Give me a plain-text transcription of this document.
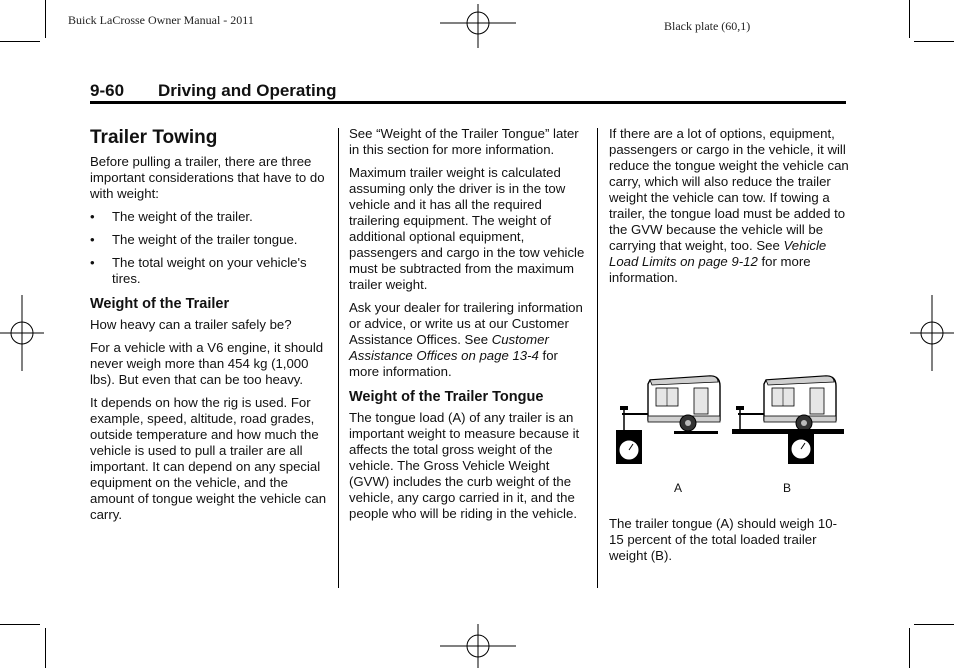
Buick LaCrosse Owner Manual - 2011	Black plate (60,1)
9-60 Driving and Operating
Trailer Towing

Before pulling a trailer, there are three important considerations that have to do with weight:

• The weight of the trailer.
• The weight of the trailer tongue.
• The total weight on your vehicle's tires.
Weight of the Trailer

How heavy can a trailer safely be?

For a vehicle with a V6 engine, it should never weigh more than 454 kg (1,000 lbs). But even that can be too heavy.

It depends on how the rig is used. For example, speed, altitude, road grades, outside temperature and how much the vehicle is used to pull a trailer are all important. It can depend on any special equipment on the vehicle, and the amount of tongue weight the vehicle can carry.

See “Weight of the Trailer Tongue” later in this section for more information.

Maximum trailer weight is calculated assuming only the driver is in the tow vehicle and it has all the required trailering equipment. The weight of additional optional equipment, passengers and cargo in the tow vehicle must be subtracted from the maximum trailer weight.

Ask your dealer for trailering information or advice, or write us at our Customer Assistance Offices. See Customer Assistance Offices on page 13-4 for more information.

Weight of the Trailer Tongue

The tongue load (A) of any trailer is an important weight to measure because it affects the total gross weight of the vehicle. The Gross Vehicle Weight (GVW) includes the curb weight of the vehicle, any cargo carried in it, and the people who will be riding in the vehicle.

If there are a lot of options, equipment, passengers or cargo in the vehicle, it will reduce the tongue weight the vehicle can carry, which will also reduce the trailer weight the vehicle can tow. If towing a trailer, the tongue load must be added to the GVW because the vehicle will be carrying that weight, too. See Vehicle Load Limits on page 9-12 for more information.

A	B

The trailer tongue (A) should weigh 10-15 percent of the total loaded trailer weight (B).
